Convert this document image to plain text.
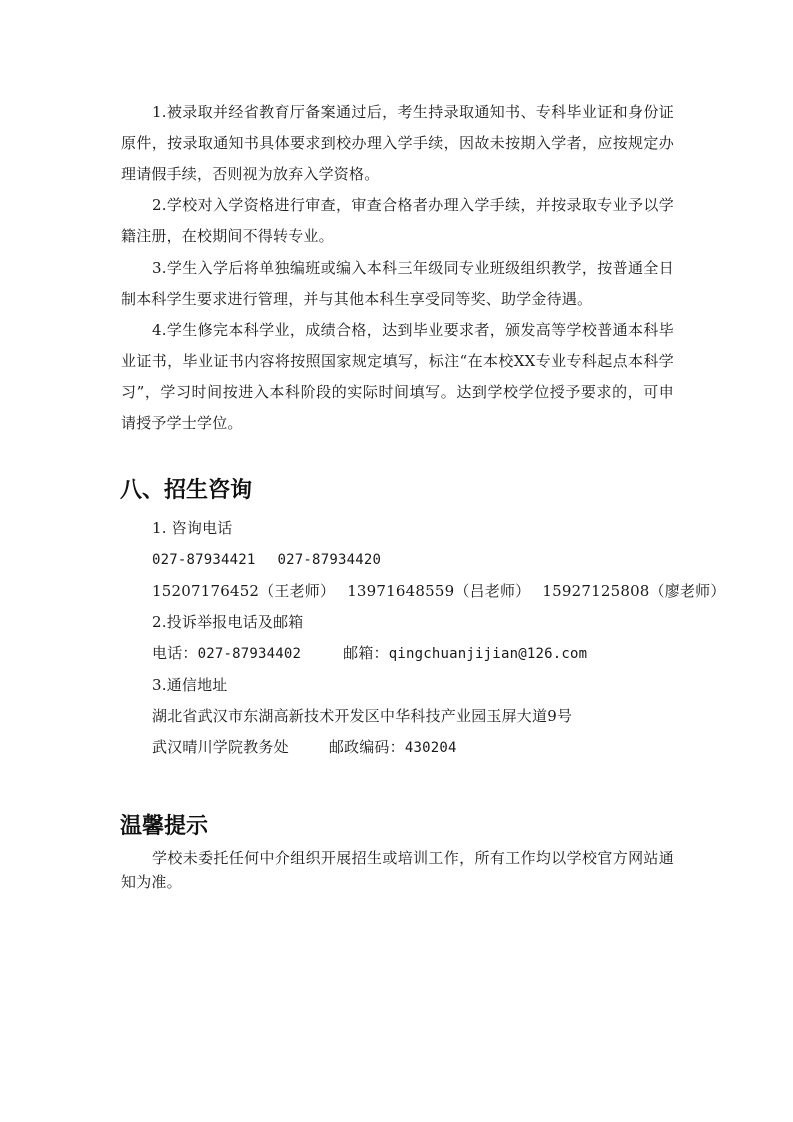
1.被录取并经省教育厅备案通过后，考生持录取通知书、专科毕业证和身份证原件，按录取通知书具体要求到校办理入学手续，因故未按期入学者，应按规定办理请假手续，否则视为放弃入学资格。

2.学校对入学资格进行审查，审查合格者办理入学手续，并按录取专业予以学籍注册，在校期间不得转专业。

3.学生入学后将单独编班或编入本科三年级同专业班级组织教学，按普通全日制本科学生要求进行管理，并与其他本科生享受同等奖、助学金待遇。

4.学生修完本科学业，成绩合格，达到毕业要求者，颁发高等学校普通本科毕业证书，毕业证书内容将按照国家规定填写，标注“在本校XX专业专科起点本科学习”，学习时间按进入本科阶段的实际时间填写。达到学校学位授予要求的，可申请授予学士学位。

八、招生咨询

1. 咨询电话

027-87934421 027-87934420

15207176452（王老师） 13971648559（吕老师） 15927125808（廖老师）

2.投诉举报电话及邮箱

电话：027-87934402	邮箱：qingchuanjijian@126.com

3.通信地址

湖北省武汉市东湖高新技术开发区中华科技产业园玉屏大道9号

武汉晴川学院教务处	邮政编码：430204

温馨提示

学校未委托任何中介组织开展招生或培训工作，所有工作均以学校官方网站通知为准。
